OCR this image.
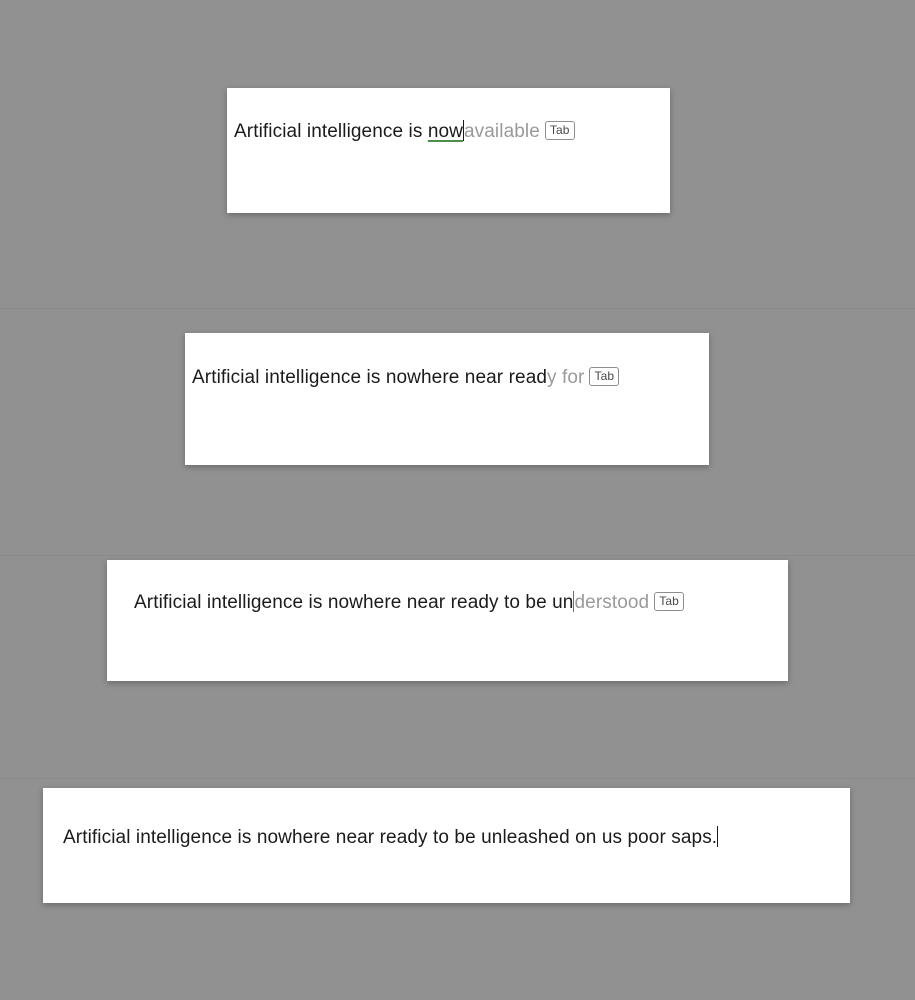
Artificial intelligence is nowavailable Tab
Artificial intelligence is nowhere near ready for Tab
Artificial intelligence is nowhere near ready to be understood Tab
Artificial intelligence is nowhere near ready to be unleashed on us poor saps.
